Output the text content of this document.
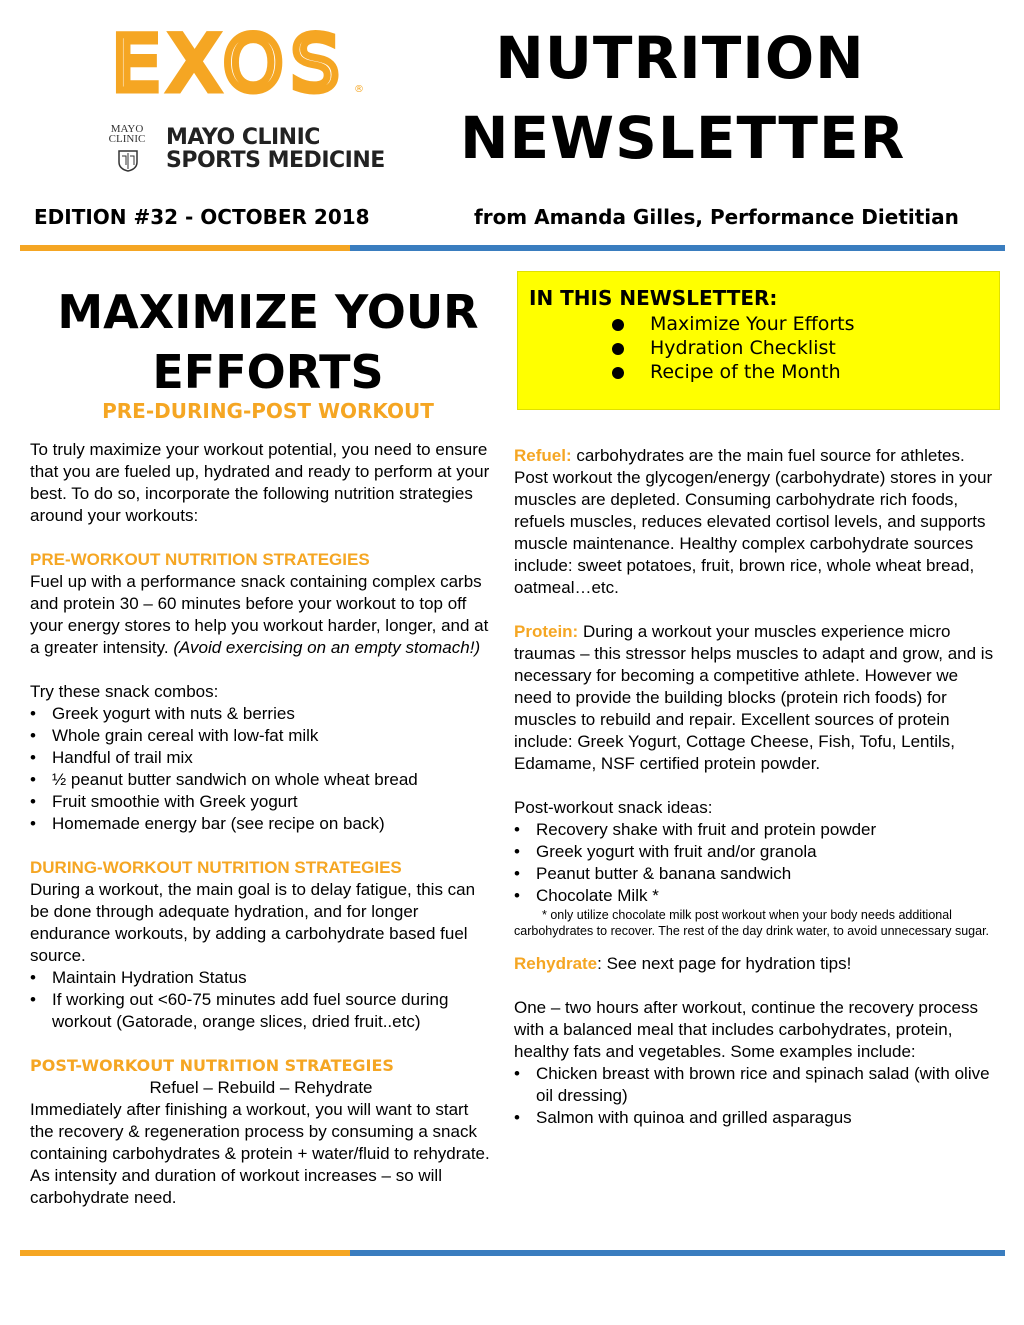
EXOS ®
MAYO CLINIC MAYO CLINIC
SPORTS MEDICINE
NUTRITION
NEWSLETTER
EDITION #32 - OCTOBER 2018	from Amanda Gilles, Performance Dietitian
IN THIS NEWSLETTER:
Maximize Your Efforts
Hydration Checklist
Recipe of the Month
MAXIMIZE YOUR
EFFORTS
PRE-DURING-POST WORKOUT

To truly maximize your workout potential, you need to ensure that you are fueled up, hydrated and ready to perform at your best. To do so, incorporate the following nutrition strategies around your workouts:

PRE-WORKOUT NUTRITION STRATEGIES

Fuel up with a performance snack containing complex carbs and protein 30 – 60 minutes before your workout to top off your energy stores to help you workout harder, longer, and at a greater intensity. (Avoid exercising on an empty stomach!)

Try these snack combos:

• Greek yogurt with nuts & berries
• Whole grain cereal with low-fat milk
• Handful of trail mix
• ½ peanut butter sandwich on whole wheat bread
• Fruit smoothie with Greek yogurt
• Homemade energy bar (see recipe on back)

DURING-WORKOUT NUTRITION STRATEGIES

During a workout, the main goal is to delay fatigue, this can be done through adequate hydration, and for longer endurance workouts, by adding a carbohydrate based fuel source.

• Maintain Hydration Status
• If working out <60-75 minutes add fuel source during workout (Gatorade, orange slices, dried fruit..etc)

POST-WORKOUT NUTRITION STRATEGIES

Refuel – Rebuild – Rehydrate

Immediately after finishing a workout, you will want to start the recovery & regeneration process by consuming a snack containing carbohydrates & protein + water/fluid to rehydrate. As intensity and duration of workout increases – so will carbohydrate need.

Refuel: carbohydrates are the main fuel source for athletes. Post workout the glycogen/energy (carbohydrate) stores in your muscles are depleted. Consuming carbohydrate rich foods, refuels muscles, reduces elevated cortisol levels, and supports muscle maintenance. Healthy complex carbohydrate sources include: sweet potatoes, fruit, brown rice, whole wheat bread, oatmeal…etc.

Protein: During a workout your muscles experience micro traumas – this stressor helps muscles to adapt and grow, and is necessary for becoming a competitive athlete. However we need to provide the building blocks (protein rich foods) for muscles to rebuild and repair. Excellent sources of protein include: Greek Yogurt, Cottage Cheese, Fish, Tofu, Lentils, Edamame, NSF certified protein powder.

Post-workout snack ideas:

• Recovery shake with fruit and protein powder
• Greek yogurt with fruit and/or granola
• Peanut butter & banana sandwich
• Chocolate Milk *

* only utilize chocolate milk post workout when your body needs additional carbohydrates to recover. The rest of the day drink water, to avoid unnecessary sugar.

Rehydrate: See next page for hydration tips!

One – two hours after workout, continue the recovery process with a balanced meal that includes carbohydrates, protein, healthy fats and vegetables. Some examples include:

• Chicken breast with brown rice and spinach salad (with olive oil dressing)
• Salmon with quinoa and grilled asparagus
